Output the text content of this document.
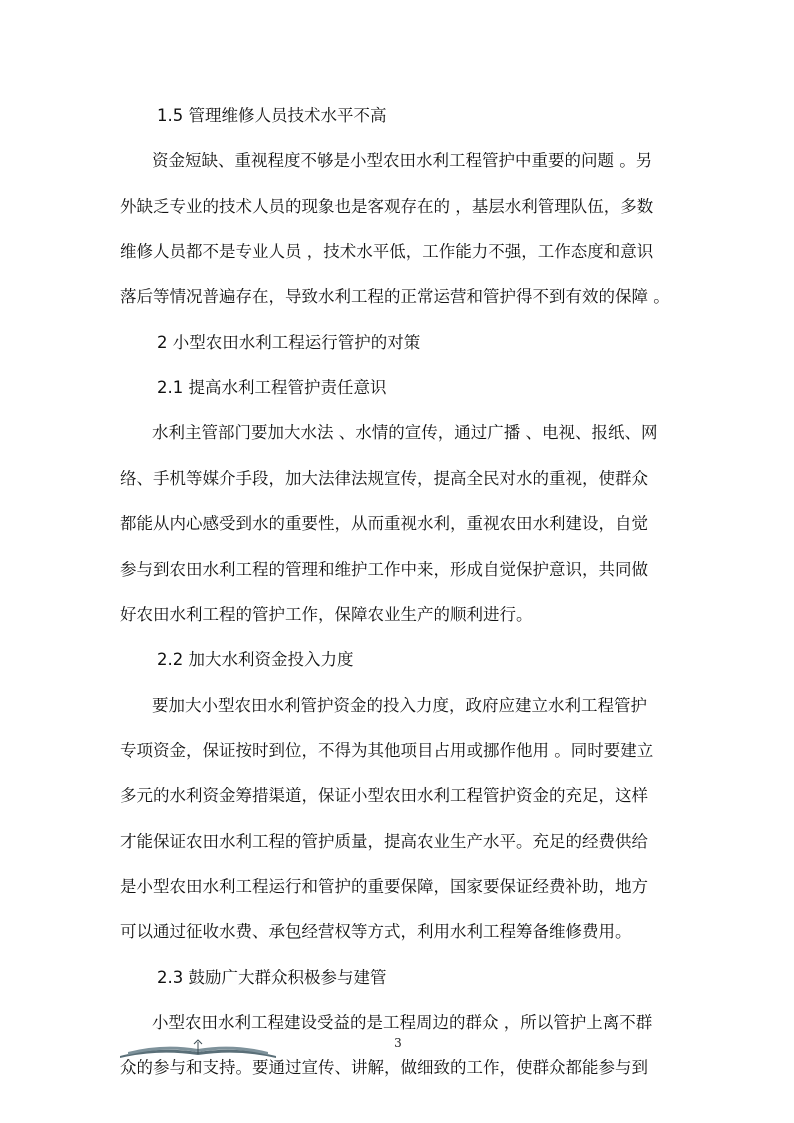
1.5 管理维修人员技术水平不高
资金短缺、重视程度不够是小型农田水利工程管护中重要的问题 。另
外缺乏专业的技术人员的现象也是客观存在的 ，基层水利管理队伍，多数
维修人员都不是专业人员 ，技术水平低，工作能力不强，工作态度和意识
落后等情况普遍存在，导致水利工程的正常运营和管护得不到有效的保障 。
2 小型农田水利工程运行管护的对策
2.1 提高水利工程管护责任意识
水利主管部门要加大水法 、水情的宣传，通过广播 、电视、报纸、网
络、手机等媒介手段，加大法律法规宣传，提高全民对水的重视，使群众
都能从内心感受到水的重要性，从而重视水利，重视农田水利建设，自觉
参与到农田水利工程的管理和维护工作中来，形成自觉保护意识，共同做
好农田水利工程的管护工作，保障农业生产的顺利进行。
2.2 加大水利资金投入力度
要加大小型农田水利管护资金的投入力度，政府应建立水利工程管护
专项资金，保证按时到位，不得为其他项目占用或挪作他用 。同时要建立
多元的水利资金筹措渠道，保证小型农田水利工程管护资金的充足，这样
才能保证农田水利工程的管护质量，提高农业生产水平。充足的经费供给
是小型农田水利工程运行和管护的重要保障，国家要保证经费补助，地方
可以通过征收水费、承包经营权等方式，利用水利工程筹备维修费用。
2.3 鼓励广大群众积极参与建管
小型农田水利工程建设受益的是工程周边的群众 ，所以管护上离不群
众的参与和支持。要通过宣传、讲解，做细致的工作，使群众都能参与到
3
